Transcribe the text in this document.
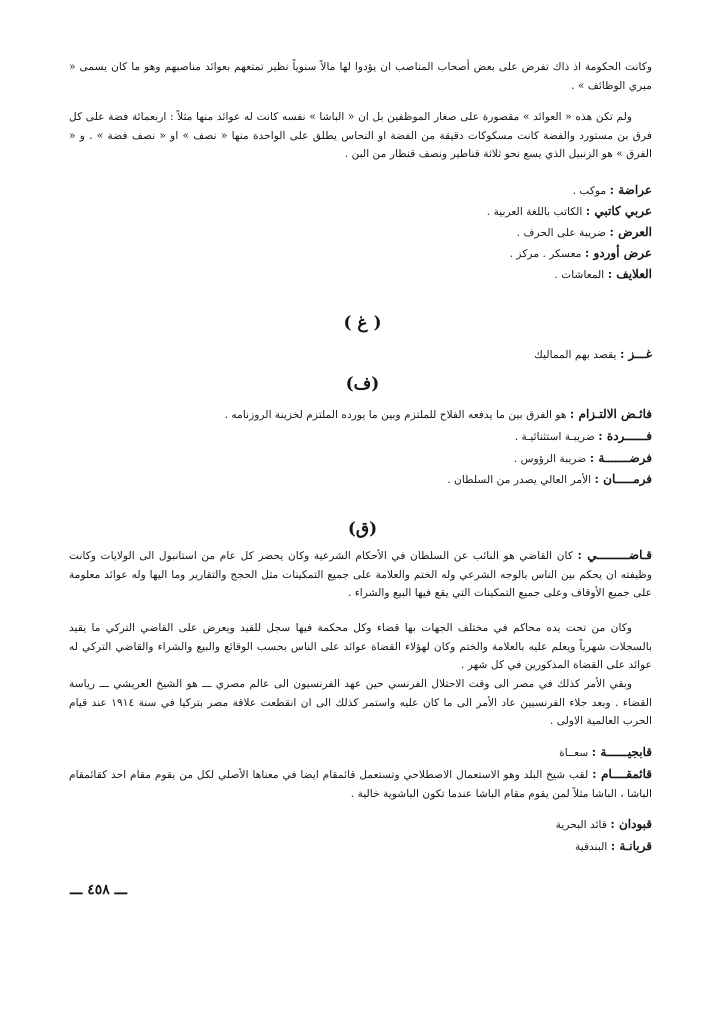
وكانت الحكومة اذ ذاك تفرض على بعض أصحاب المناصب ان يؤدوا لها مالاً سنوياً نظير تمتعهم بعوائد مناصبهم وهو ما كان يسمى « ميري الوظائف » .

ولم تكن هذه « العوائد » مقصورة على صغار الموظفين بل ان « الباشا » نفسه كانت له عوائد منها مثلاً : اربعمائة فضة على كل فرق بن مستورد والفضة كانت مسكوكات دقيقة من الفضة او النحاس يطلق على الواحدة منها « نصف » او « نصف فضة » . و « الفرق » هو الزنبيل الذي يسع نحو ثلاثة قناطير ونصف قنطار من البن .

عراضة : موكب .

عربي كاتبي : الكاتب باللغة العربية .

العرض : ضريبة على الحرف .

عرض أوردو : معسكر . مركز .

العلايف : المعاشات .

( غ )

غـــز : يقصد بهم المماليك

(ف)

فائـض الالتـزام : هو الفرق بين ما يدفعه الفلاح للملتزم وبين ما يورده الملتزم لخزينة الروزنامه .

فــــــردة : ضريبـة استثنائيـة .

فرضـــــــة : ضريبة الرؤوس .

فرمـــــان : الأمر العالي يصدر من السلطان .

(ق)

قـاضـــــــــي : كان القاضي هو النائب عن السلطان في الأحكام الشرعية وكان يحضر كل عام من استانبول الى الولايات وكانت وظيفته ان يحكم بين الناس بالوجه الشرعي وله الختم والعلامة على جميع التمكينات مثل الحجج والتقارير وما اليها وله عوائد معلومة على جميع الأوقاف وعلى جميع التمكينات التي يقع فيها البيع والشراء .

وكان من تحت يده محاكم في مختلف الجهات بها قضاء وكل محكمة فيها سجل للقيد ويعرض على القاضي التركي ما يقيد بالسجلات شهرياً ويعلم عليه بالعلامة والختم وكان لهؤلاء القضاة عوائد على الناس بحسب الوقائع والبيع والشراء والقاضي التركي له عوائد على القضاة المذكورين في كل شهر .

وبقي الأمر كذلك في مصر الى وقت الاحتلال الفرنسي حين عهد الفرنسيون الى عالم مصري ـــ هو الشيخ العريشي ـــ رياسة القضاء . وبعد جلاء الفرنسيين عاد الأمر الى ما كان عليه واستمر كذلك الى ان انقطعت علاقة مصر بتركيا في سنة ١٩١٤ عند قيام الحرب العالمية الاولى .

قابجيــــــة : سعــاة

قائمقــــام : لقب شيخ البلد وهو الاستعمال الاصطلاحي وتستعمل قائمقام ايضا في معناها الأصلي لكل من يقوم مقام احد كقائمقام الباشا ، الباشا مثلاً لمن يقوم مقام الباشا عندما تكون الباشوية خالية .

قبودان : قائد البحرية

قربانـة : البندقية

ـــ ٤٥٨ ـــ
